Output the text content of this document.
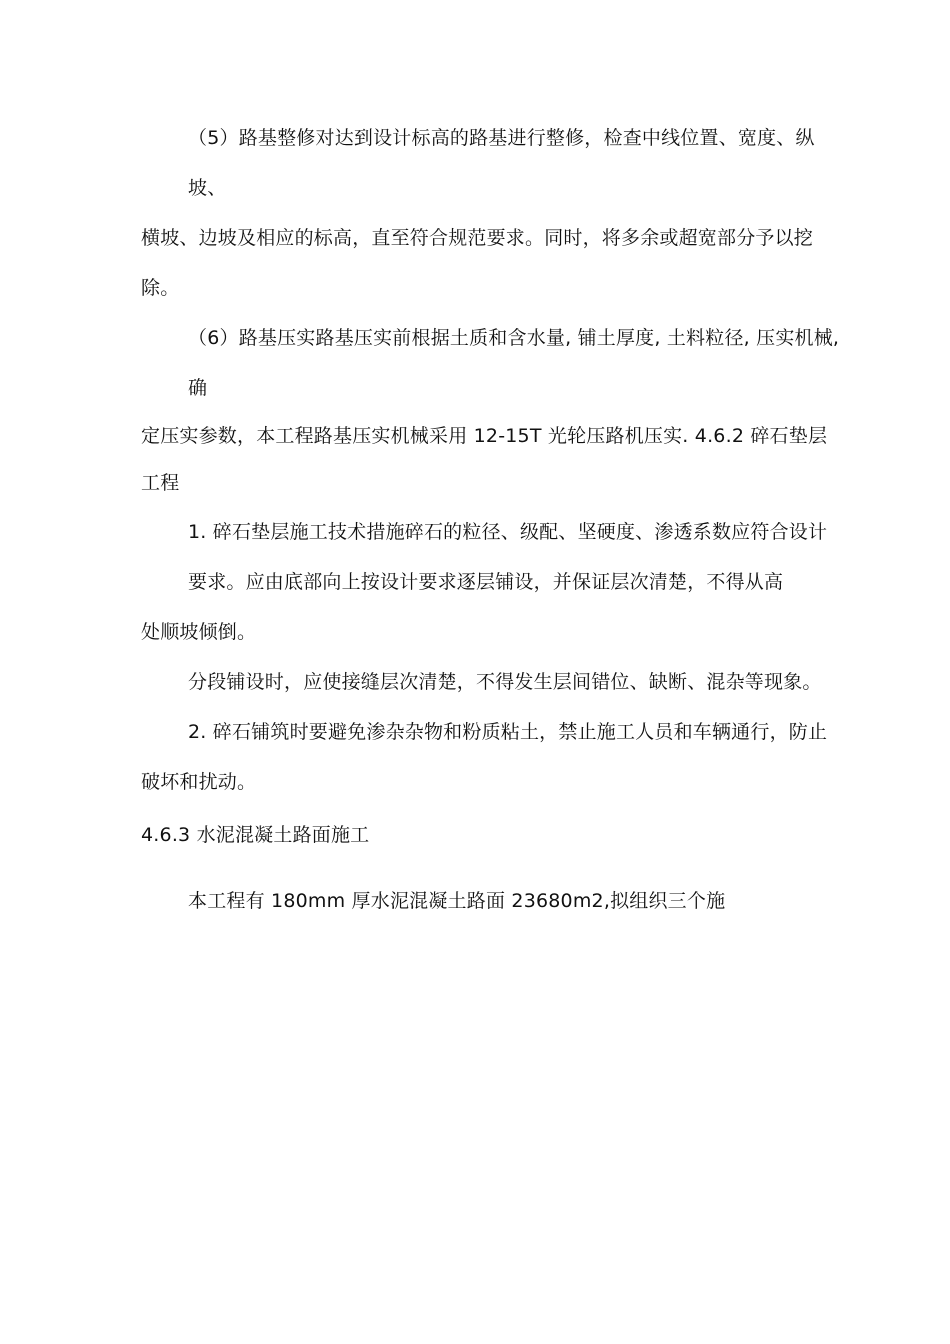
（5）路基整修对达到设计标高的路基进行整修，检查中线位置、宽度、纵
坡、
横坡、边坡及相应的标高，直至符合规范要求。同时，将多余或超宽部分予以挖
除。
（6）路基压实路基压实前根据土质和含水量, 铺土厚度, 土料粒径, 压实机械,
确
定压实参数，本工程路基压实机械采用 12-15T 光轮压路机压实. 4.6.2 碎石垫层
工程
1. 碎石垫层施工技术措施碎石的粒径、级配、坚硬度、渗透系数应符合设计
要求。应由底部向上按设计要求逐层铺设，并保证层次清楚，不得从高
处顺坡倾倒。
分段铺设时，应使接缝层次清楚，不得发生层间错位、缺断、混杂等现象。
2. 碎石铺筑时要避免渗杂杂物和粉质粘土，禁止施工人员和车辆通行，防止
破坏和扰动。
4.6.3 水泥混凝土路面施工
本工程有 180mm 厚水泥混凝土路面 23680m2,拟组织三个施
